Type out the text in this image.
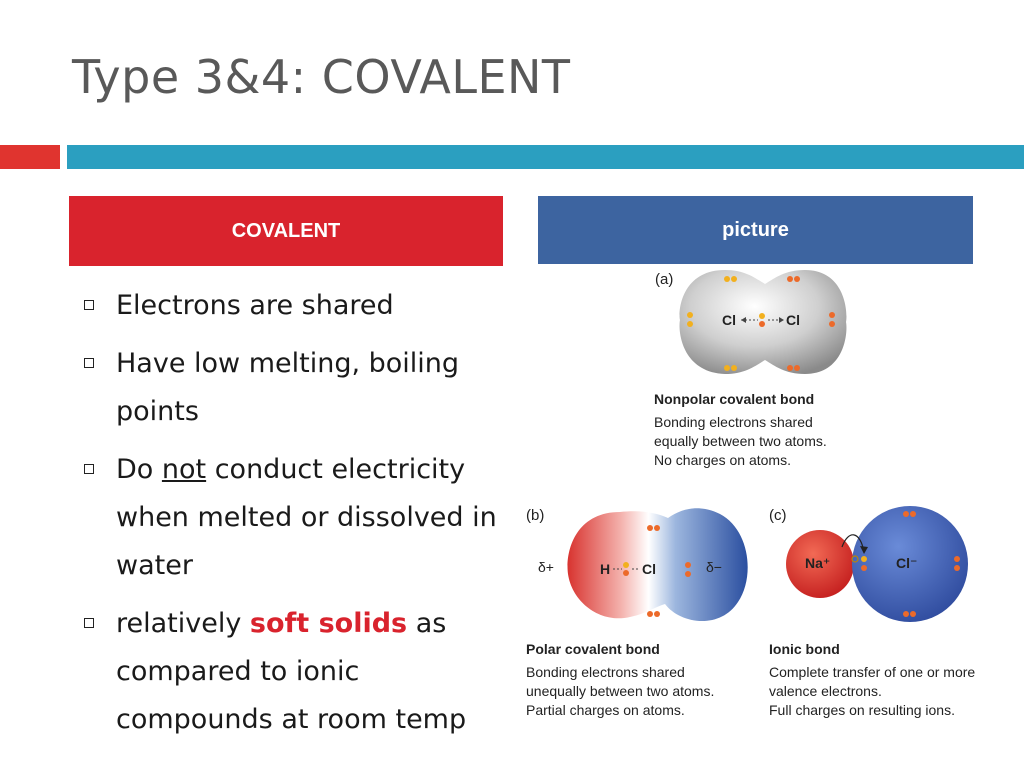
Type 3&4: COVALENT
COVALENT	picture
Electrons are shared
Have low melting, boiling points
Do not conduct electricity when melted or dissolved in water
relatively soft solids as compared to ionic compounds at room temp
(a)
Cl	Cl
(b)
δ+	δ−
H Cl
(c)
Na⁺	Cl⁻

Nonpolar covalent bond
Bonding electrons shared
equally between two atoms.
No charges on atoms.

Polar covalent bond
Bonding electrons shared
unequally between two atoms.
Partial charges on atoms.

Ionic bond
Complete transfer of one or more
valence electrons.
Full charges on resulting ions.
